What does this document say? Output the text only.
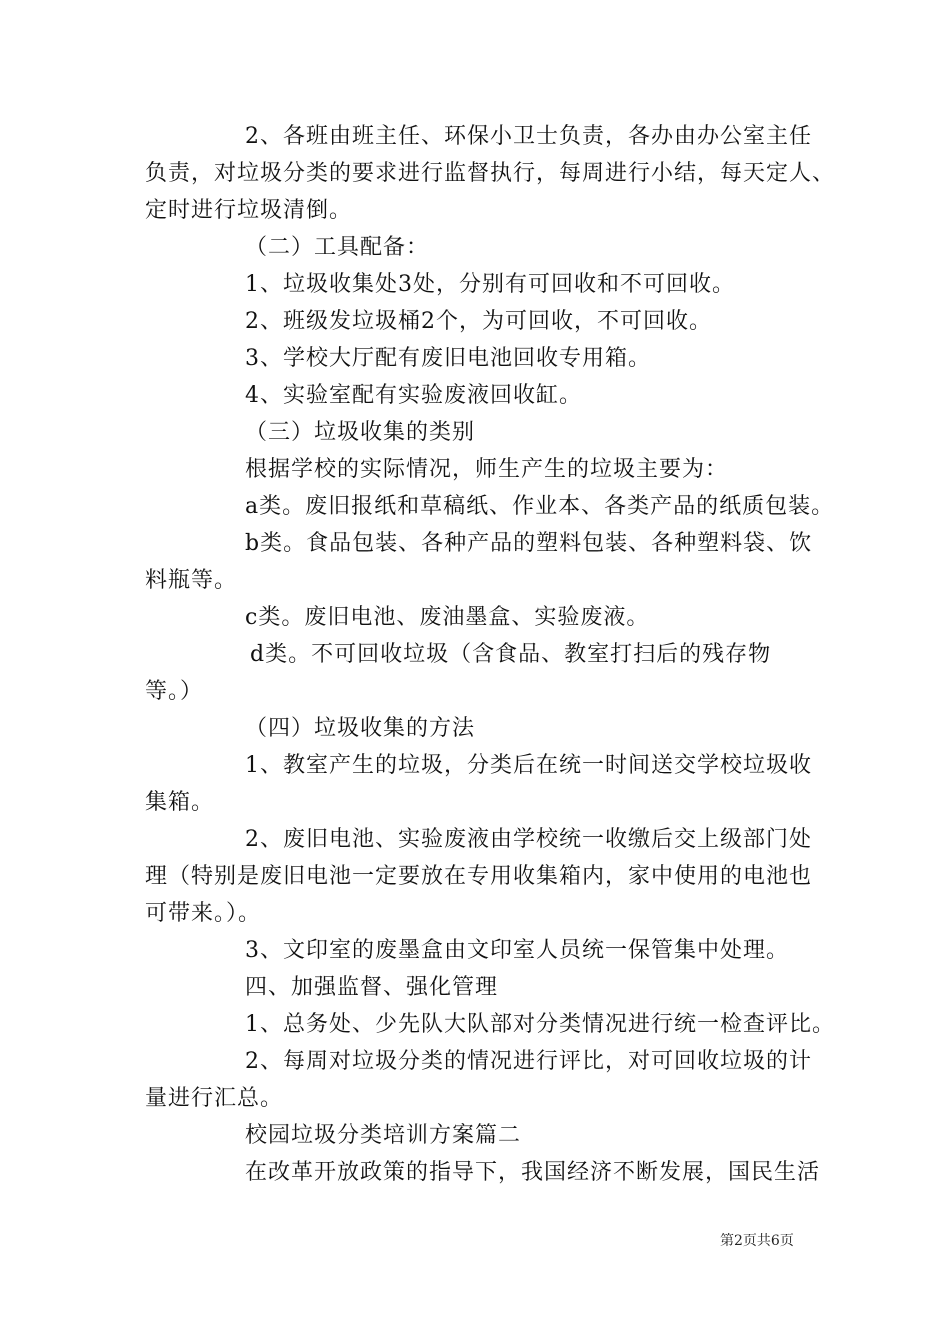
2、各班由班主任、环保小卫士负责，各办由办公室主任
负责，对垃圾分类的要求进行监督执行，每周进行小结，每天定人、
定时进行垃圾清倒。
（二）工具配备：
1、垃圾收集处3处，分别有可回收和不可回收。
2、班级发垃圾桶2个，为可回收，不可回收。
3、学校大厅配有废旧电池回收专用箱。
4、实验室配有实验废液回收缸。
（三）垃圾收集的类别
根据学校的实际情况，师生产生的垃圾主要为：
a类。废旧报纸和草稿纸、作业本、各类产品的纸质包装。
b类。食品包装、各种产品的塑料包装、各种塑料袋、饮
料瓶等。
c类。废旧电池、废油墨盒、实验废液。
d类。不可回收垃圾（含食品、教室打扫后的残存物
等。）
（四）垃圾收集的方法
1、教室产生的垃圾，分类后在统一时间送交学校垃圾收
集箱。
2、废旧电池、实验废液由学校统一收缴后交上级部门处
理（特别是废旧电池一定要放在专用收集箱内，家中使用的电池也
可带来。）。
3、文印室的废墨盒由文印室人员统一保管集中处理。
四、加强监督、强化管理
1、总务处、少先队大队部对分类情况进行统一检查评比。
2、每周对垃圾分类的情况进行评比，对可回收垃圾的计
量进行汇总。
校园垃圾分类培训方案篇二
在改革开放政策的指导下，我国经济不断发展，国民生活
第2页共6页
